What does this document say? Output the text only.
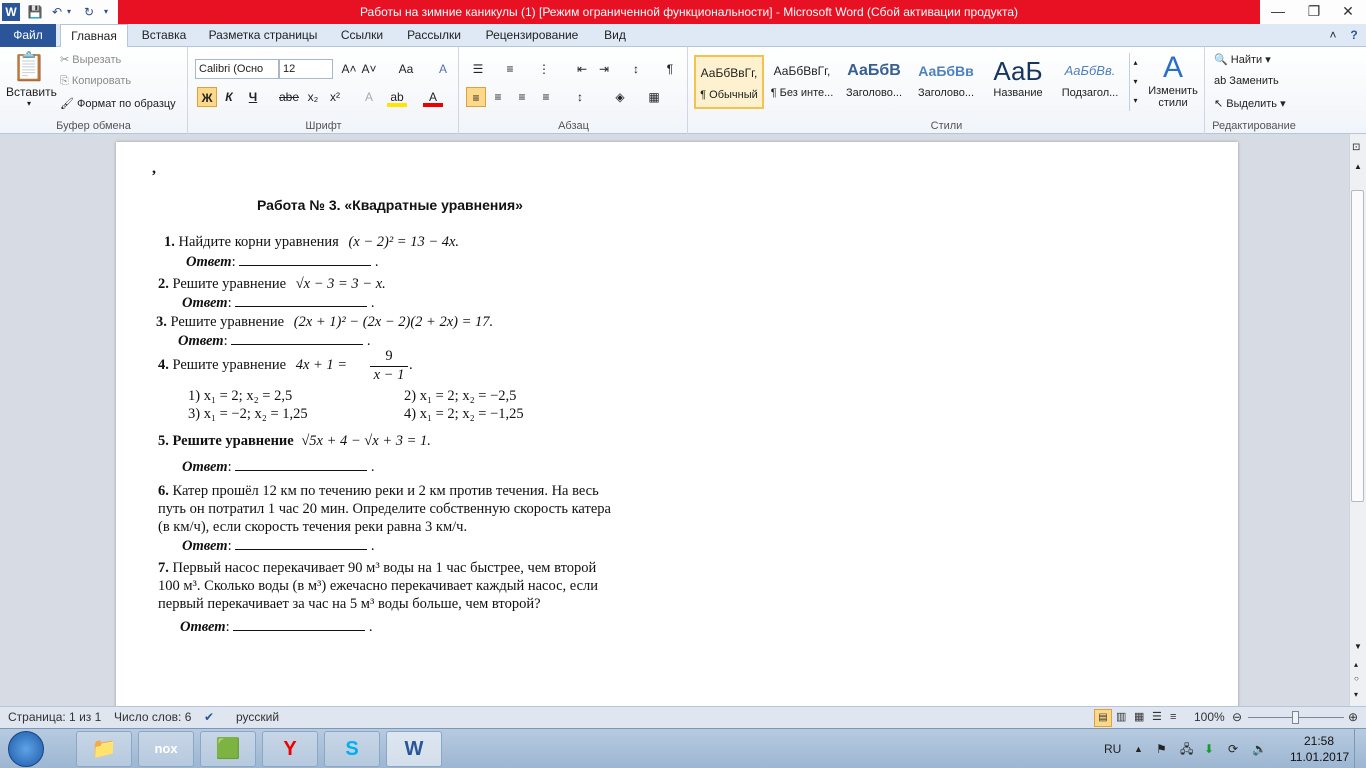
W 💾 ↶ ▾	↻	▾	Работы на зимние каникулы (1) [Режим ограниченной функциональности] - Microsoft Word (Сбой активации продукта)	—	❐	✕
Файл	Главная	Вставка	Разметка страницы	Ссылки	Рассылки	Рецензирование	Вид	˄	?
📋
Вставить
▾
✂ Вырезать
⎘ Копировать
🖌 Формат по образцу
Буфер обмена
Calibri (Осно	12	A˄ A˅	Aa	A
Ж	К	Ч	abe x₂ x²	A	ab	A
Шрифт
☰	≡	⋮	⇤ ⇥	↕	¶
≡	≡	≡	≡	↕	◈	▦
Абзац
АаБбВвГг,
¶ Обычный
АаБбВвГг,
¶ Без инте...
АаБбВ
Заголово...
АаБбВв
Заголово...
АаБ
Название
АаБбВв.
Подзагол...
▴
▾
▾
A
Изменить стили
Стили
🔍 Найти ▾
ab Заменить
↖ Выделить ▾
Редактирование
,
Работа № 3. «Квадратные уравнения»
1. Найдите корни уравнения (x − 2)² = 13 − 4x.
Ответ:	.
2. Решите уравнение √x − 3 = 3 − x.
Ответ:	.
3. Решите уравнение (2x + 1)² − (2x − 2)(2 + 2x) = 17.
Ответ:	.
4. Решите уравнение 4x + 1 =
9
x − 1
.
1) x₁ = 2; x₂ = 2,5	2) x₁ = 2; x₂ = −2,5
3) x₁ = −2; x₂ = 1,25	4) x₁ = 2; x₂ = −1,25
5. Решите уравнение √5x + 4 − √x + 3 = 1.
Ответ:	.
6. Катер прошёл 12 км по течению реки и 2 км против течения. На весь
путь он потратил 1 час 20 мин. Определите собственную скорость катера
(в км/ч), если скорость течения реки равна 3 км/ч.
Ответ:	.
7. Первый насос перекачивает 90 м³ воды на 1 час быстрее, чем второй
100 м³. Сколько воды (в м³) ежечасно перекачивает каждый насос, если
первый перекачивает за час на 5 м³ воды больше, чем второй?
Ответ:	.
⊡
▲
▼
▴
○
▾
Страница: 1 из 1 Число слов: 6 ✔ русский	▤ ▥ ▦ ☰ ≡ 100% ⊖	⊕
📁	nox	🟩	Y	S	W	RU ▲ ⚑ 🖧 ⬇ ⟳ 🔊
21:58
11.01.2017
